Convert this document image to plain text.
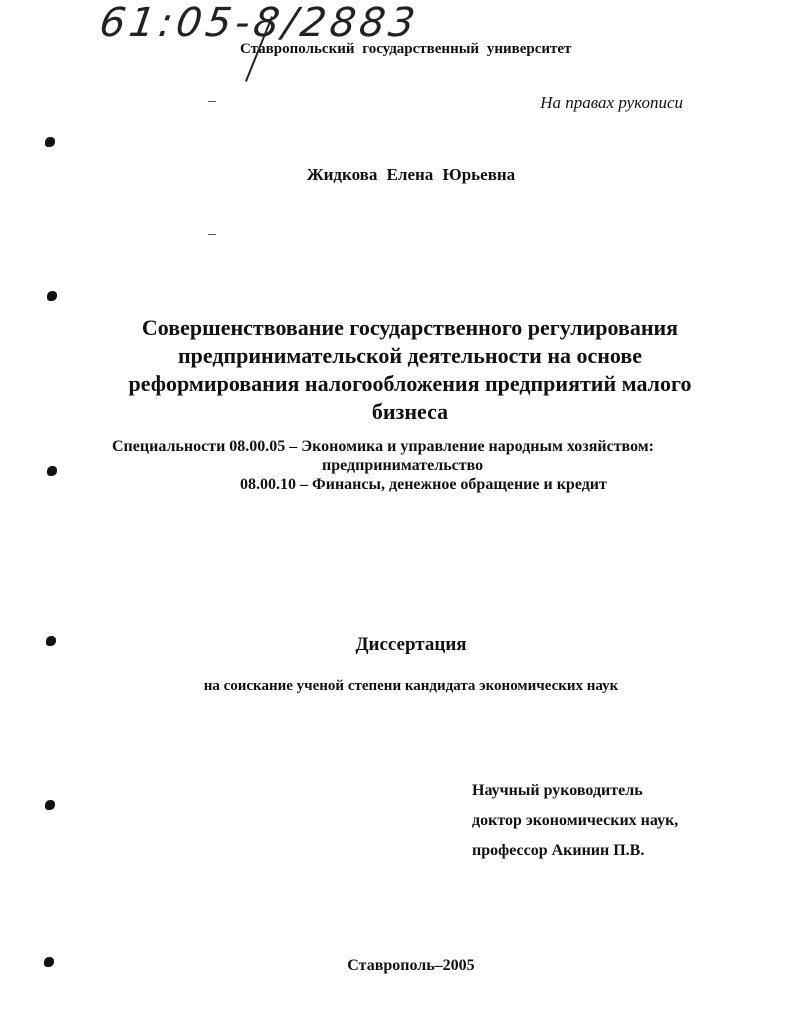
61:05-8/2883
Ставропольский государственный университет
На правах рукописи
Жидкова Елена Юрьевна
Совершенствование государственного регулирования
предпринимательской деятельности на основе
реформирования налогообложения предприятий малого
бизнеса
Специальности 08.00.05 – Экономика и управление народным хозяйством:
предпринимательство
08.00.10 – Финансы, денежное обращение и кредит
Диссертация
на соискание ученой степени кандидата экономических наук
Научный руководитель
доктор экономических наук,
профессор Акинин П.В.
Ставрополь–2005
